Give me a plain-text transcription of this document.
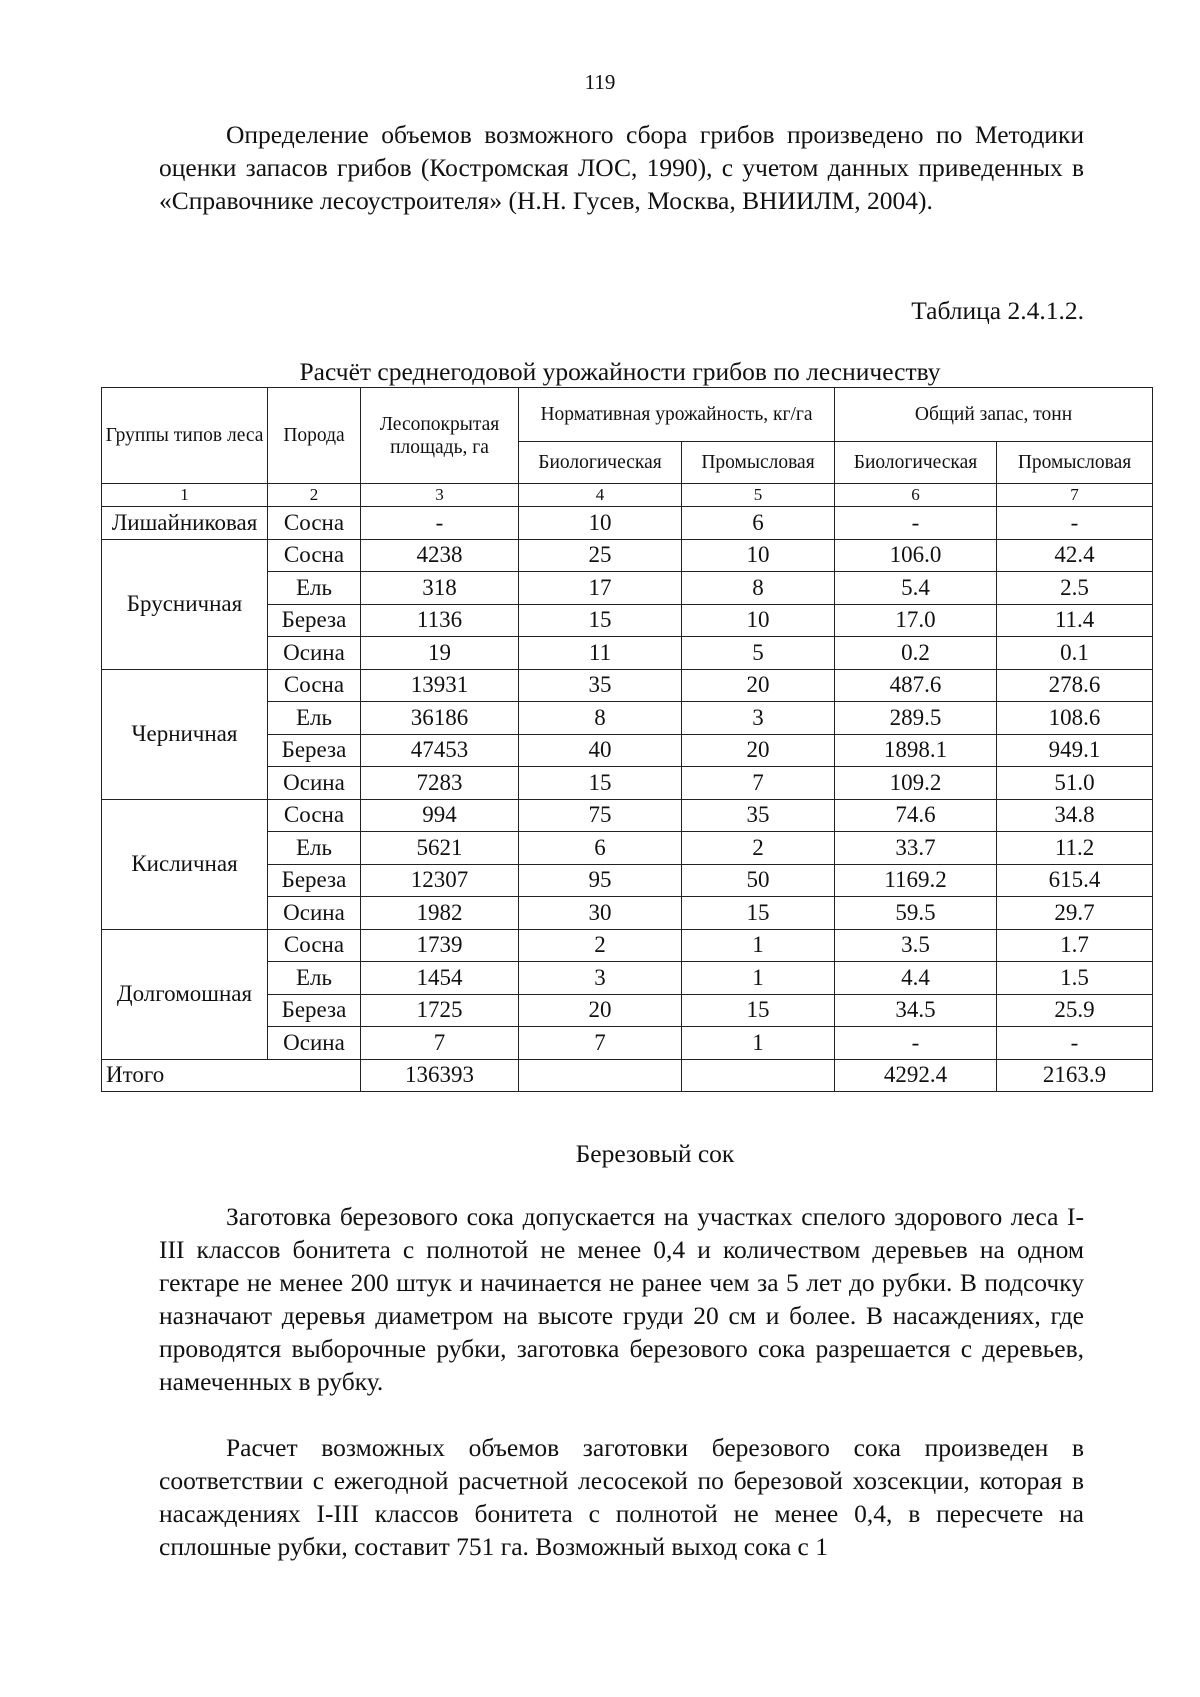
119

Определение объемов возможного сбора грибов произведено по Методики оценки запасов грибов (Костромская ЛОС, 1990), с учетом данных приведенных в «Справочнике лесоустроителя» (Н.Н. Гусев, Москва, ВНИИЛМ, 2004).

Таблица 2.4.1.2.
Расчёт среднегодовой урожайности грибов по лесничеству
Группы типов леса	Порода	Лесопокрытая площадь, га	Нормативная урожайность, кг/га		Общий запас, тонн	
			Биологическая	Промысловая	Биологическая	Промысловая
1	2	3	4	5	6	7
Лишайниковая	Сосна	-	10	6	-	-
Брусничная	Сосна	4238	25	10	106.0	42.4
	Ель	318	17	8	5.4	2.5
	Береза	1136	15	10	17.0	11.4
	Осина	19	11	5	0.2	0.1
Черничная	Сосна	13931	35	20	487.6	278.6
	Ель	36186	8	3	289.5	108.6
	Береза	47453	40	20	1898.1	949.1
	Осина	7283	15	7	109.2	51.0
Кисличная	Сосна	994	75	35	74.6	34.8
	Ель	5621	6	2	33.7	11.2
	Береза	12307	95	50	1169.2	615.4
	Осина	1982	30	15	59.5	29.7
Долгомошная	Сосна	1739	2	1	3.5	1.7
	Ель	1454	3	1	4.4	1.5
	Береза	1725	20	15	34.5	25.9
	Осина	7	7	1	-	-
Итого		136393			4292.4	2163.9
Березовый сок

Заготовка березового сока допускается на участках спелого здорового леса I-III классов бонитета с полнотой не менее 0,4 и количеством деревьев на одном гектаре не менее 200 штук и начинается не ранее чем за 5 лет до рубки. В подсочку назначают деревья диаметром на высоте груди 20 см и более. В насаждениях, где проводятся выборочные рубки, заготовка березового сока разрешается с деревьев, намеченных в рубку.

Расчет возможных объемов заготовки березового сока произведен в соответствии с ежегодной расчетной лесосекой по березовой хозсекции, которая в насаждениях I-III классов бонитета с полнотой не менее 0,4, в пересчете на сплошные рубки, составит 751 га. Возможный выход сока с 1
